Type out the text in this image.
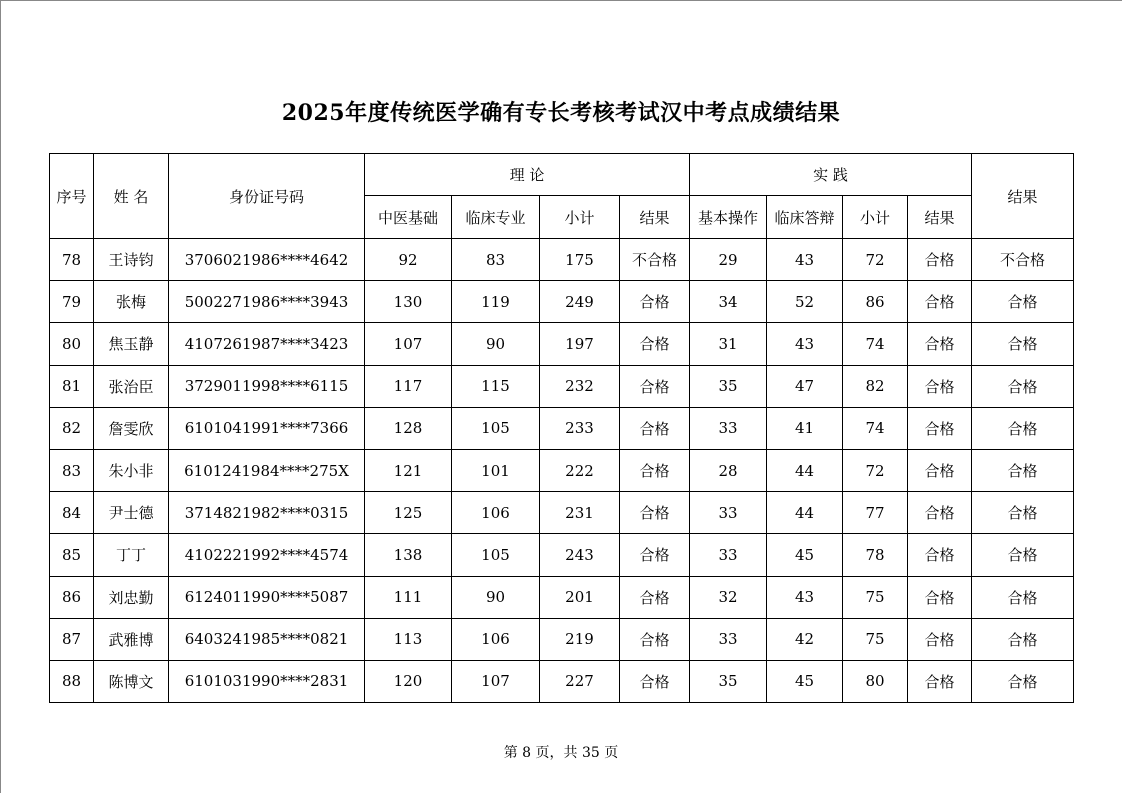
2025年度传统医学确有专长考核考试汉中考点成绩结果
序号	姓 名	身份证号码	理 论				实 践				结果
			中医基础	临床专业	小计	结果	基本操作	临床答辩	小计	结果	
78	王诗钧	3706021986****4642	92	83	175	不合格	29	43	72	合格	不合格
79	张梅	5002271986****3943	130	119	249	合格	34	52	86	合格	合格
80	焦玉静	4107261987****3423	107	90	197	合格	31	43	74	合格	合格
81	张治臣	3729011998****6115	117	115	232	合格	35	47	82	合格	合格
82	詹雯欣	6101041991****7366	128	105	233	合格	33	41	74	合格	合格
83	朱小非	6101241984****275X	121	101	222	合格	28	44	72	合格	合格
84	尹士德	3714821982****0315	125	106	231	合格	33	44	77	合格	合格
85	丁丁	4102221992****4574	138	105	243	合格	33	45	78	合格	合格
86	刘忠勤	6124011990****5087	111	90	201	合格	32	43	75	合格	合格
87	武雅博	6403241985****0821	113	106	219	合格	33	42	75	合格	合格
88	陈博文	6101031990****2831	120	107	227	合格	35	45	80	合格	合格
第 8 页，共 35 页
